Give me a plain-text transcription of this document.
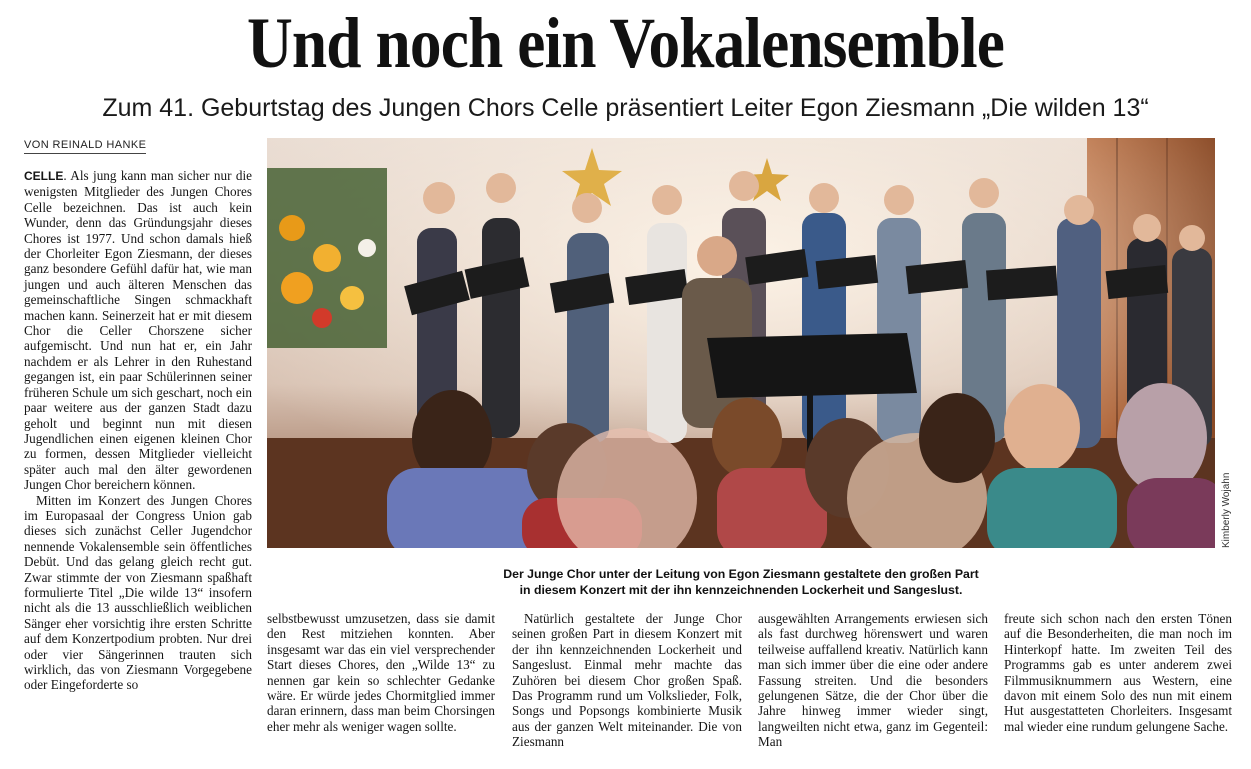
Und noch ein Vokalensemble
Zum 41. Geburtstag des Jungen Chors Celle präsentiert Leiter Egon Ziesmann „Die wilden 13“
VON REINALD HANKE

CELLE. Als jung kann man sicher nur die wenigsten Mitglieder des Jungen Chores Celle bezeichnen. Das ist auch kein Wunder, denn das Gründungsjahr dieses Chores ist 1977. Und schon damals hieß der Chorleiter Egon Ziesmann, der dieses ganz besondere Gefühl dafür hat, wie man jungen und auch älteren Menschen das gemeinschaftliche Singen schmackhaft machen kann. Seinerzeit hat er mit diesem Chor die Celler Chorszene sicher aufgemischt. Und nun hat er, ein Jahr nachdem er als Lehrer in den Ruhestand gegangen ist, ein paar Schülerinnen seiner früheren Schule um sich geschart, noch ein paar weitere aus der ganzen Stadt dazu geholt und beginnt nun mit diesen Jugendlichen einen eigenen kleinen Chor zu formen, dessen Mitglieder vielleicht später auch mal den älter gewordenen Jungen Chor bereichern können.

Mitten im Konzert des Jungen Chores im Europasaal der Congress Union gab dieses sich zunächst Celler Jugendchor nennende Vokalensemble sein öffentliches Debüt. Und das gelang gleich recht gut. Zwar stimmte der von Ziesmann spaßhaft formulierte Titel „Die wilde 13“ insofern nicht als die 13 ausschließlich weiblichen Sänger eher vorsichtig ihre ersten Schritte auf dem Konzertpodium probten. Nur drei oder vier Sängerinnen trauten sich wirklich, das von Ziesmann Vorgegebene oder Eingeforderte so

Kimberly Wojahn
Der Junge Chor unter der Leitung von Egon Ziesmann gestaltete den großen Part
in diesem Konzert mit der ihn kennzeichnenden Lockerheit und Sangeslust.

selbstbewusst umzusetzen, dass sie damit den Rest mitziehen konnten. Aber insgesamt war das ein viel versprechender Start dieses Chores, den „Wilde 13“ zu nennen gar kein so schlechter Gedanke wäre. Er würde jedes Chormitglied immer daran erinnern, dass man beim Chorsingen eher mehr als weniger wagen sollte.

Natürlich gestaltete der Junge Chor seinen großen Part in diesem Konzert mit der ihn kennzeichnenden Lockerheit und Sangeslust. Einmal mehr machte das Zuhören bei diesem Chor großen Spaß. Das Programm rund um Volkslieder, Folk, Songs und Popsongs kombinierte Musik aus der ganzen Welt miteinander. Die von Ziesmann

ausgewählten Arrangements erwiesen sich als fast durchweg hörenswert und waren teilweise auffallend kreativ. Natürlich kann man sich immer über die eine oder andere Fassung streiten. Und die besonders gelungenen Sätze, die der Chor über die Jahre hinweg immer wieder singt, langweilten nicht etwa, ganz im Gegenteil: Man

freute sich schon nach den ersten Tönen auf die Besonderheiten, die man noch im Hinterkopf hatte. Im zweiten Teil des Programms gab es unter anderem zwei Filmmusiknummern aus Western, eine davon mit einem Solo des nun mit einem Hut ausgestatteten Chorleiters. Insgesamt mal wieder eine rundum gelungene Sache.
